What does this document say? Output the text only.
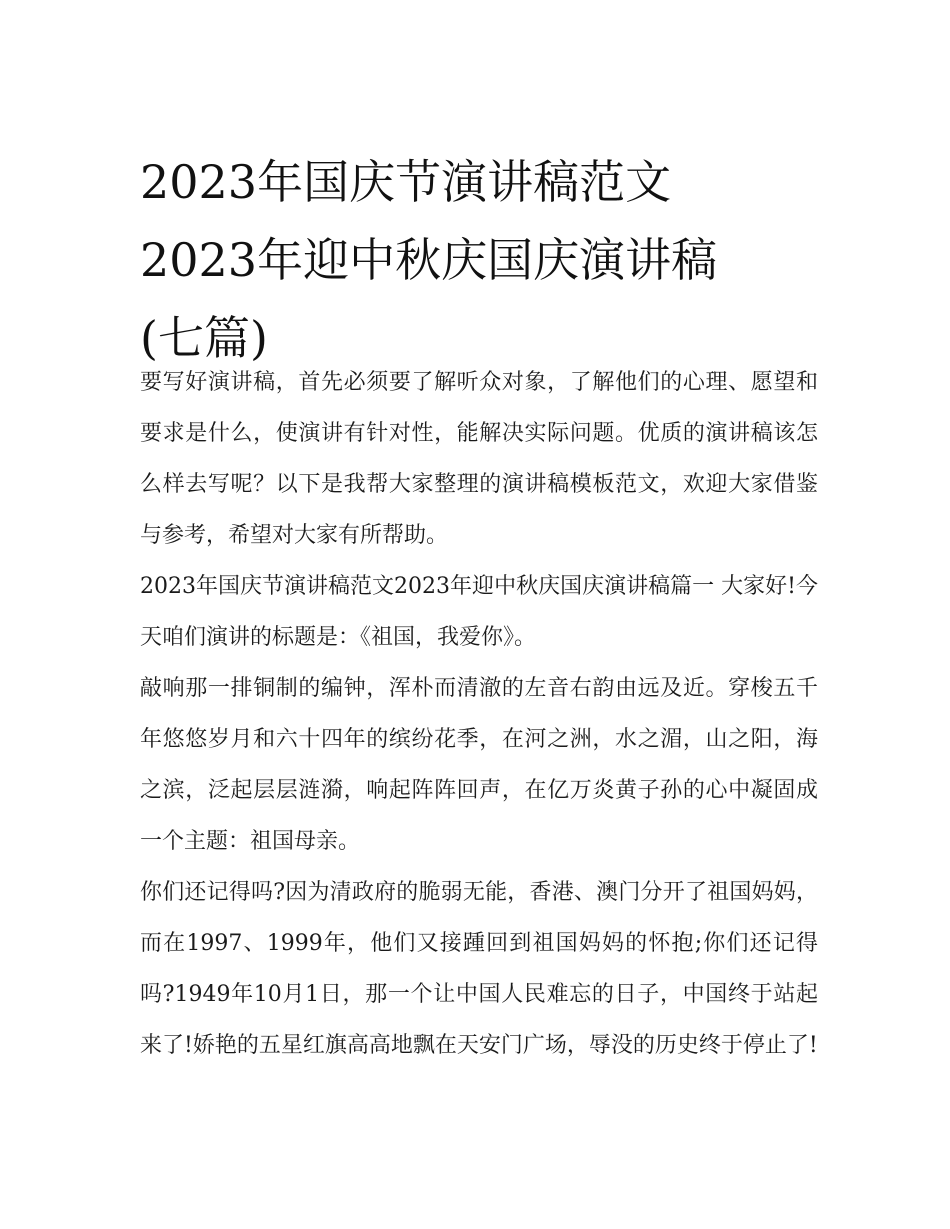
2023年国庆节演讲稿范文
2023年迎中秋庆国庆演讲稿
(七篇)

要写好演讲稿，首先必须要了解听众对象，了解他们的心理、愿望和要求是什么，使演讲有针对性，能解决实际问题。优质的演讲稿该怎么样去写呢？以下是我帮大家整理的演讲稿模板范文，欢迎大家借鉴与参考，希望对大家有所帮助。

2023年国庆节演讲稿范文2023年迎中秋庆国庆演讲稿篇一 大家好!今天咱们演讲的标题是：《祖国，我爱你》。

敲响那一排铜制的编钟，浑朴而清澈的左音右韵由远及近。穿梭五千年悠悠岁月和六十四年的缤纷花季，在河之洲，水之湄，山之阳，海之滨，泛起层层涟漪，响起阵阵回声，在亿万炎黄子孙的心中凝固成一个主题：祖国母亲。

你们还记得吗?因为清政府的脆弱无能，香港、澳门分开了祖国妈妈，而在1997、1999年，他们又接踵回到祖国妈妈的怀抱;你们还记得吗?1949年10月1日，那一个让中国人民难忘的日子，中国终于站起来了!娇艳的五星红旗高高地飘在天安门广场，辱没的历史终于停止了!
